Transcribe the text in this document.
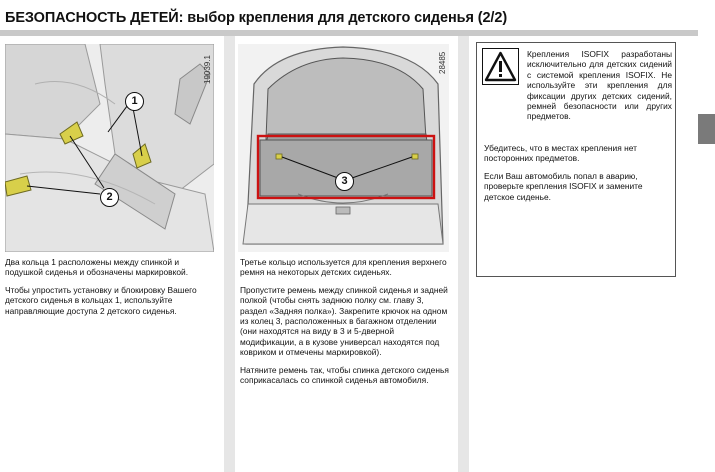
БЕЗОПАСНОСТЬ ДЕТЕЙ: выбор крепления для детского сиденья (2/2)
1
2
19039.1
3
28485

Два кольца 1 расположены между спинкой и подушкой сиденья и обозначены маркировкой.

Чтобы упростить установку и блокировку Вашего детского сиденья в кольцах 1, используйте направляющие доступа 2 детского сиденья.

Третье кольцо используется для крепления верхнего ремня на некоторых детских сиденьях.

Пропустите ремень между спинкой сиденья и задней полкой (чтобы снять заднюю полку см. главу 3, раздел «Задняя полка»). Закрепите крючок на одном из колец 3, расположенных в багажном отделении (они находятся на виду в 3 и 5-дверной модификации, а в кузове универсал находятся под ковриком и отмечены маркировкой).

Натяните ремень так, чтобы спинка детского сиденья соприкасалась со спинкой сиденья автомобиля.

Крепления ISOFIX разработаны исключительно для детских сидений с системой крепления ISOFIX. Не используйте эти крепления для фиксации других детских сидений, ремней безопасности или других предметов.
Убедитесь, что в местах крепления нет посторонних предметов.
Если Ваш автомобиль попал в аварию, проверьте крепления ISOFIX и замените детское сиденье.
